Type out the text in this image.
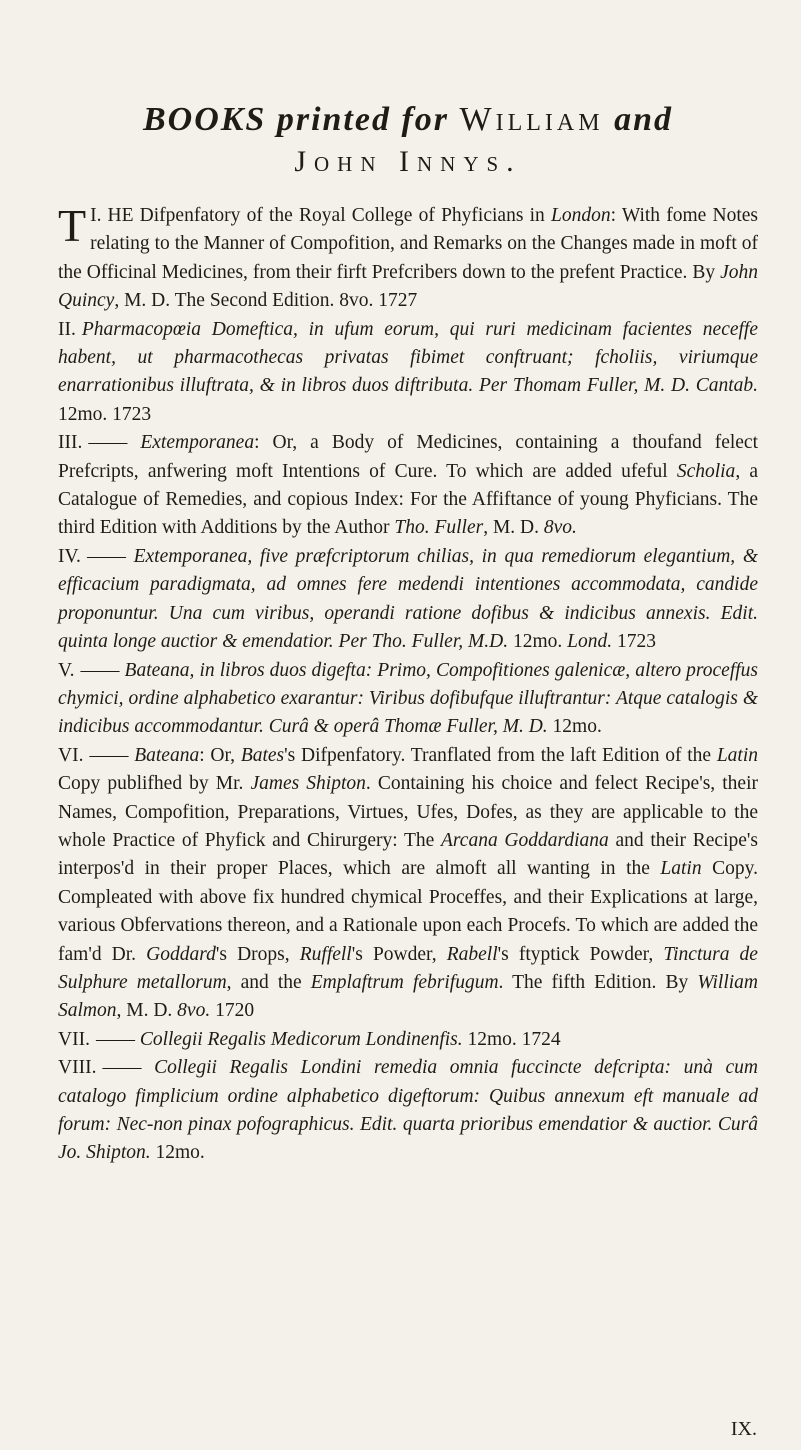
BOOKS printed for William and
John Innys.

I.
T HE Difpenfatory of the Royal College of Phyficians in London: With fome Notes relating to the Manner of Compofition, and Remarks on the Changes made in moft of the Officinal Medicines, from their firft Prefcribers down to the prefent Practice. By John Quincy, M. D. The Second Edition. 8vo. 1727

II. Pharmacopœia Domeftica, in ufum eorum, qui ruri medicinam facientes neceffe habent, ut pharmacothecas privatas fibimet conftruant; fcholiis, viriumque enarrationibus illuftrata, & in libros duos diftributa. Per Thomam Fuller, M. D. Cantab. 12mo. 1723

III. —— Extemporanea: Or, a Body of Medicines, containing a thoufand felect Prefcripts, anfwering moft Intentions of Cure. To which are added ufeful Scholia, a Catalogue of Remedies, and copious Index: For the Affiftance of young Phyficians. The third Edition with Additions by the Author Tho. Fuller, M. D. 8vo.

IV. —— Extemporanea, five præfcriptorum chilias, in qua remediorum elegantium, & efficacium paradigmata, ad omnes fere medendi intentiones accommodata, candide proponuntur. Una cum viribus, operandi ratione dofibus & indicibus annexis. Edit. quinta longe auctior & emendatior. Per Tho. Fuller, M.D. 12mo. Lond. 1723

V. —— Bateana, in libros duos digefta: Primo, Compofitiones galenicæ, altero proceffus chymici, ordine alphabetico exarantur: Viribus dofibufque illuftrantur: Atque catalogis & indicibus accommodantur. Curâ & operâ Thomæ Fuller, M. D. 12mo.

VI. —— Bateana: Or, Bates's Difpenfatory. Tranflated from the laft Edition of the Latin Copy publifhed by Mr. James Shipton. Containing his choice and felect Recipe's, their Names, Compofition, Preparations, Virtues, Ufes, Dofes, as they are applicable to the whole Practice of Phyfick and Chirurgery: The Arcana Goddardiana and their Recipe's interpos'd in their proper Places, which are almoft all wanting in the Latin Copy. Compleated with above fix hundred chymical Proceffes, and their Explications at large, various Obfervations thereon, and a Rationale upon each Procefs. To which are added the fam'd Dr. Goddard's Drops, Ruffell's Powder, Rabell's ftyptick Powder, Tinctura de Sulphure metallorum, and the Emplaftrum febrifugum. The fifth Edition. By William Salmon, M. D. 8vo. 1720

VII. —— Collegii Regalis Medicorum Londinenfis. 12mo. 1724

VIII. —— Collegii Regalis Londini remedia omnia fuccincte defcripta: unà cum catalogo fimplicium ordine alphabetico digeftorum: Quibus annexum eft manuale ad forum: Nec-non pinax pofographicus. Edit. quarta prioribus emendatior & auctior. Curâ Jo. Shipton. 12mo.

IX.
